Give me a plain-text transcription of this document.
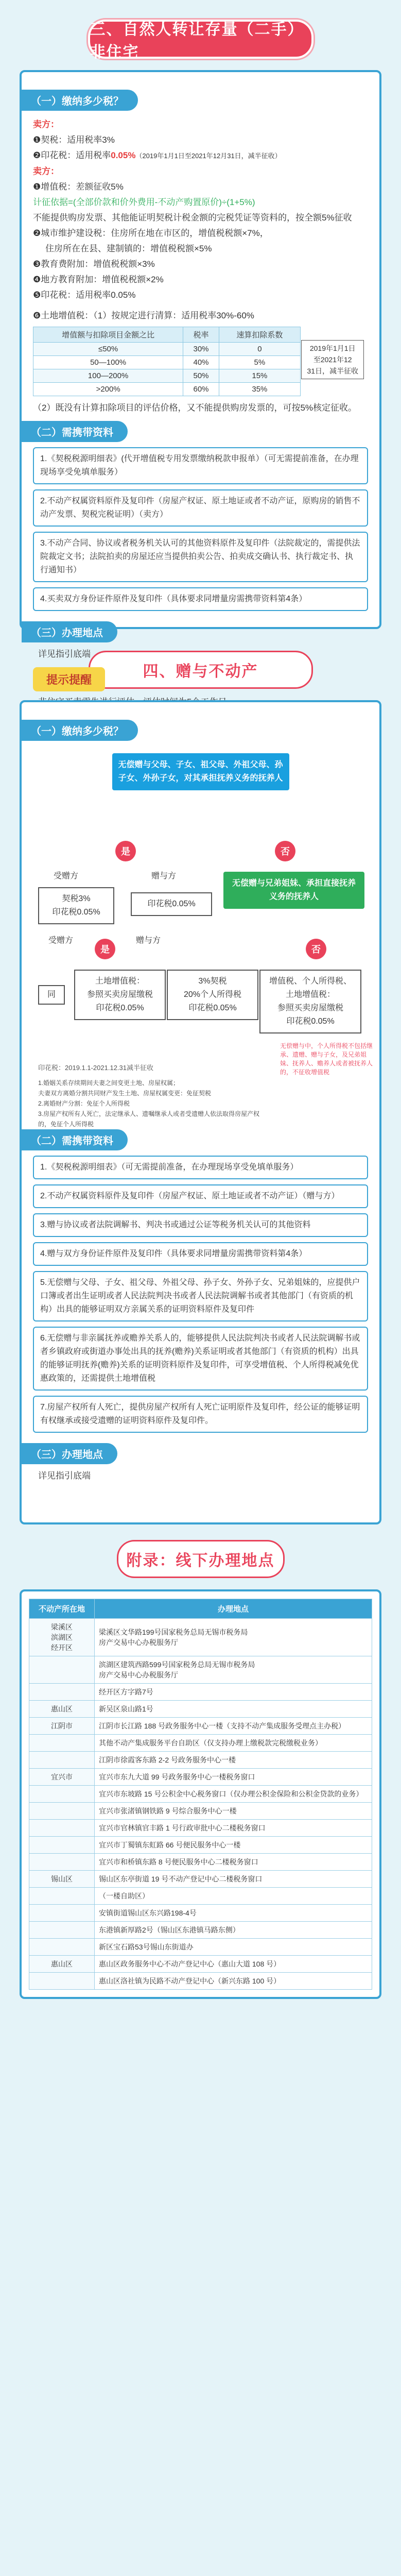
三、自然人转让存量（二手）非住宅
（一）缴纳多少税？
卖方：
❶契税：适用税率3%
❷印花税：适用税率0.05%（2019年1月1日至2021年12月31日，减半征收）
卖方：
❶增值税：差额征收5%
计征依据=(全部价款和价外费用-不动产购置原价)÷(1+5%)
不能提供购房发票、其他能证明契税计税金额的完税凭证等资料的，按全额5%征收
❷城市维护建设税：住房所在地在市区的，增值税税额×7%，
住房所在在县、建制镇的：增值税税额×5%
❸教育费附加：增值税税额×3%
❹地方教育附加：增值税税额×2%
❺印花税：适用税率0.05%
2019年1月1日
至2021年12
31日，减半征收
❻土地增值税：（1）按规定进行清算：适用税率30%-60%
增值额与扣除项目金额之比	税率	速算扣除系数
≤50%	30%	0
50—100%	40%	5%
100—200%	50%	15%
>200%	60%	35%
（2）既没有计算扣除项目的评估价格，又不能提供购房发票的，可按5%核定征收。
（二）需携带资料
1.《契税税源明细表》(代开增值税专用发票缴纳税款申报单）（可无需提前准备，在办理现场享受免填单服务）
2.不动产权属资料原件及复印件（房屋产权证、原土地证或者不动产证，原购房的销售不动产发票、契税完税证明）（卖方）
3.不动产合同、协议或者税务机关认可的其他资料原件及复印件（法院裁定的，需提供法院裁定文书；法院拍卖的房屋还应当提供拍卖公告、拍卖成交确认书、执行裁定书、执行通知书）
4.买卖双方身份证件原件及复印件（具体要求同增量房需携带资料第4条）
（三）办理地点
详见指引底端
提示提醒	四、赠与不动产
（一）缴纳多少税？
无偿赠与父母、子女、祖父母、外祖父母、孙子女、外孙子女，对其承担抚养义务的抚养人
是	否
受赠方	赠与方
契税3%
印花税0.05%
印花税0.05%
无偿赠与兄弟姐妹、承担直接抚养义务的抚养人
是	否
受赠方	赠与方
同
土地增值税：
参照买卖房屋缴税
印花税0.05%
3%契税
20%个人所得税
印花税0.05%
增值税、个人所得税、土地增值税：
参照买卖房屋缴税
印花税0.05%
无偿赠与中，个人所得税不包括继承、遗赠、赠与子女，及兄弟姐妹、抚养人、赡养人或者被抚养人的，不征收增值税
印花税：2019.1.1-2021.12.31减半征收
1.婚姻关系存续期间夫妻之间变更土地、房屋权属；
夫妻双方离婚分割共同财产发生土地、房屋权属变更：免征契税
2.离婚财产分割：免征个人所得税
3.房屋产权所有人死亡，法定继承人、遗嘱继承人或者受遗赠人依法取得房屋产权的，免征个人所得税
（二）需携带资料
1.《契税税源明细表》（可无需提前准备，在办理现场享受免填单服务）
2.不动产权属资料原件及复印件（房屋产权证、原土地证或者不动产证）（赠与方）
3.赠与协议或者法院调解书、判决书或通过公证等税务机关认可的其他资料
4.赠与双方身份证件原件及复印件（具体要求同增量房需携带资料第4条）
5.无偿赠与父母、子女、祖父母、外祖父母、孙子女、外孙子女、兄弟姐妹的，应提供户口簿或者出生证明或者人民法院判决书或者人民法院调解书或者其他部门（有资质的机构）出具的能够证明双方亲属关系的证明资料原件及复印件
6.无偿赠与非亲属抚养或赡养关系人的，能够提供人民法院判决书或者人民法院调解书或者乡镇政府或街道办事处出具的抚养(赡养)关系证明或者其他部门（有资质的机构）出具的能够证明抚养(赡养)关系的证明资料原件及复印件，可享受增值税、个人所得税减免优惠政策的，还需提供土地增值税
7.房屋产权所有人死亡，提供房屋产权所有人死亡证明原件及复印件，经公证的能够证明有权继承或接受遗赠的证明资料原件及复印件。
（三）办理地点
详见指引底端
附录：线下办理地点
不动产所在地	办理地点
梁溪区
滨湖区
经开区	梁溪区文华路199号国家税务总局无锡市税务局
房产交易中心办税服务厅
	滨湖区建筑西路599号国家税务总局无锡市税务局
房产交易中心办税服务厅
	经开区方字路7号
惠山区	新吴区泉山路1号
江阴市	江阴市长江路 188 号政务服务中心一楼（支持不动产集成服务受理点主办税）
	其他不动产集成服务平台自助区（仅支持办理上缴税款完税缴税业务）
	江阴市徐霞客东路 2-2 号政务服务中心一楼
宜兴市	宜兴市东九大道 99 号政务服务中心一楼税务窗口
	宜兴市东坡路 15 号公积金中心税务窗口（仅办理公积金保险和公积金贷款的业务）
	宜兴市张渚镇钢铁路 9 号综合服务中心一楼
	宜兴市官林镇官丰路 1 号行政审批中心二楼税务窗口
	宜兴市丁蜀镇东虹路 66 号便民服务中心一楼
	宜兴市和桥镇东路 8 号便民服务中心二楼税务窗口
锡山区	锡山区东亭街道 19 号不动产登记中心二楼税务窗口
	（一楼自助区）
	安镇街道锡山区东兴路198-4号
	东港镇新厚路2号（锡山区东港镇马路东侧）
	新区宝石路53号锡山东街道办
惠山区	惠山区政务服务中心不动产登记中心（惠山大道 108 号）
	惠山区洛社镇为民路不动产登记中心（新兴东路 100 号）
